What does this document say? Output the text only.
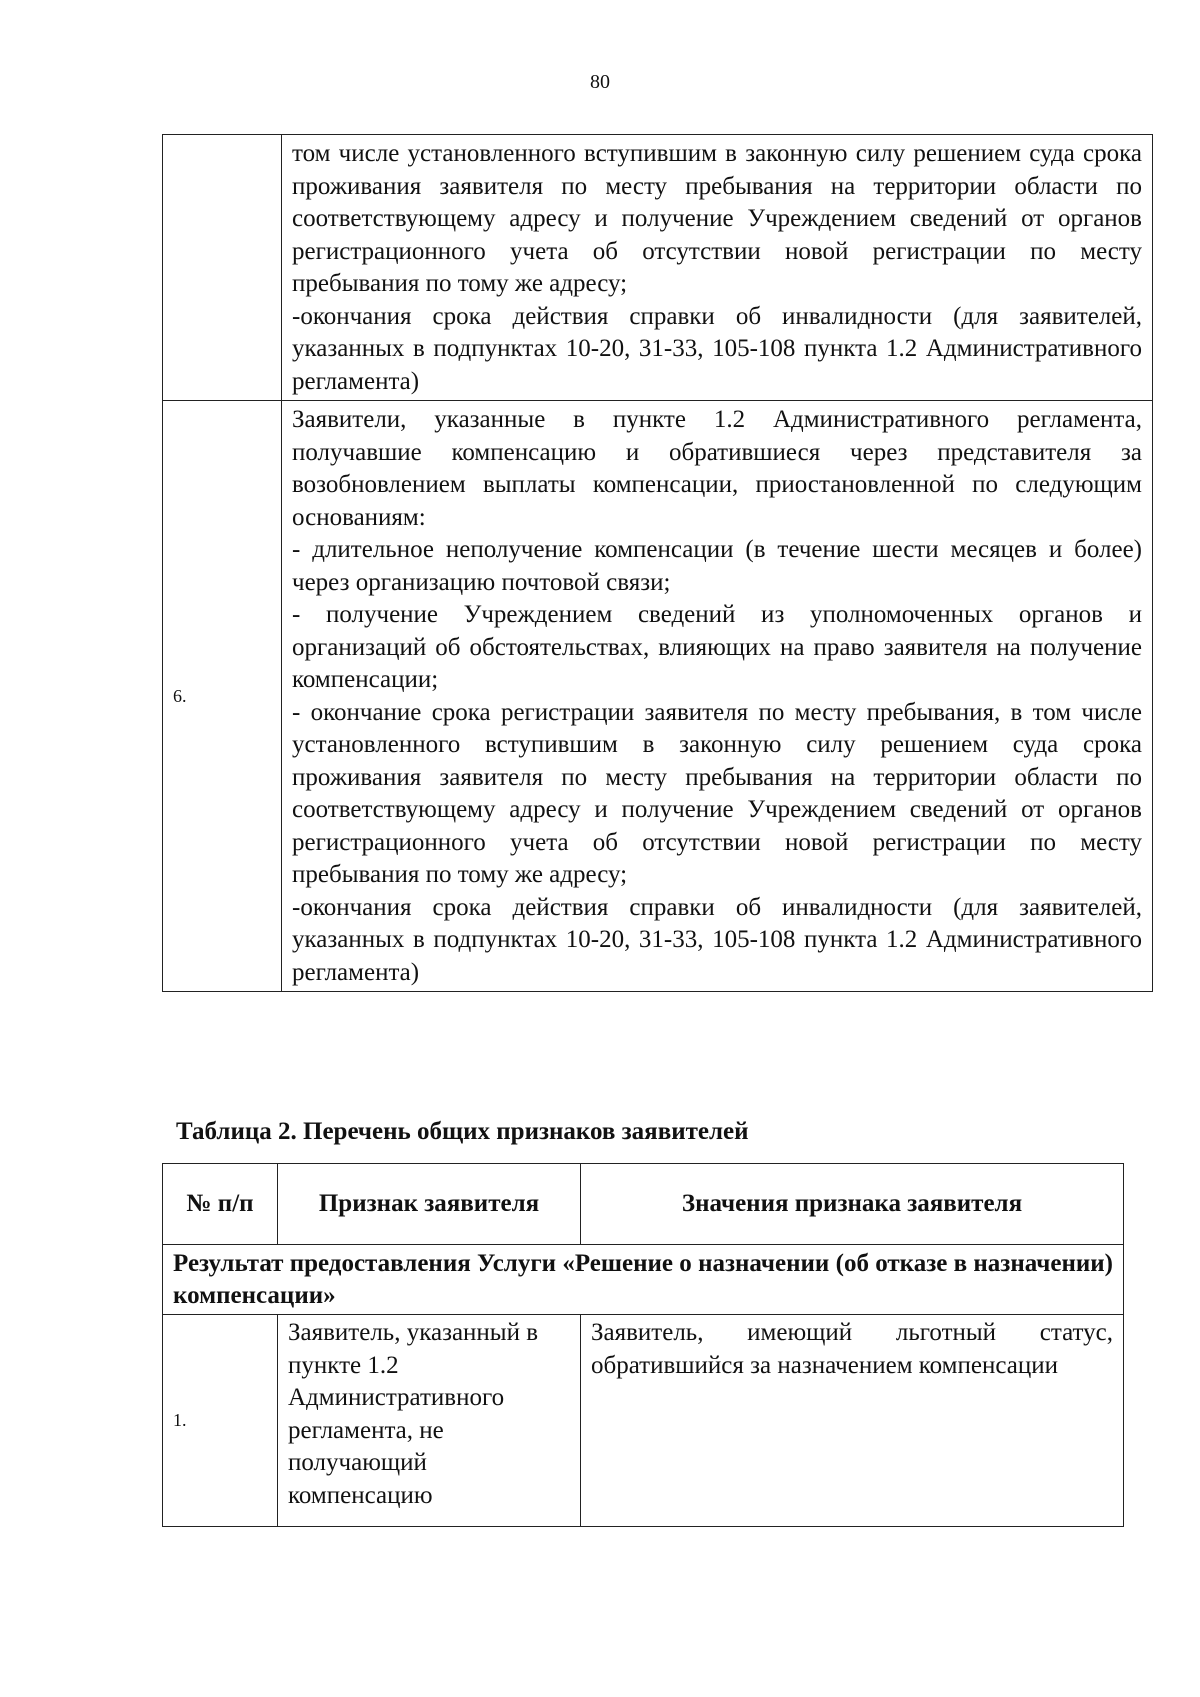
80

	том числе установленного вступившим в законную силу решением суда срока проживания заявителя по месту пребывания на территории области по соответствующему адресу и получение Учреждением сведений от органов регистрационного учета об отсутствии новой регистрации по месту пребывания по тому же адресу;
-окончания срока действия справки об инвалидности (для заявителей, указанных в подпунктах 10-20, 31-33, 105-108 пункта 1.2 Административного регламента)

6.	Заявители, указанные в пункте 1.2 Административного регламента, получавшие компенсацию и обратившиеся через представителя за возобновлением выплаты компенсации, приостановленной по следующим основаниям:
- длительное неполучение компенсации (в течение шести месяцев и более) через организацию почтовой связи;
- получение Учреждением сведений из уполномоченных органов и организаций об обстоятельствах, влияющих на право заявителя на получение компенсации;
- окончание срока регистрации заявителя по месту пребывания, в том числе установленного вступившим в законную силу решением суда срока проживания заявителя по месту пребывания на территории области по соответствующему адресу и получение Учреждением сведений от органов регистрационного учета об отсутствии новой регистрации по месту пребывания по тому же адресу;
-окончания срока действия справки об инвалидности (для заявителей, указанных в подпунктах 10-20, 31-33, 105-108 пункта 1.2 Административного регламента)
Таблица 2. Перечень общих признаков заявителей
№ п/п	Признак заявителя	Значения признака заявителя
Результат предоставления Услуги «Решение о назначении (об отказе в назначении) компенсации»		
1.	Заявитель, указанный в пункте 1.2 Административного регламента, не получающий компенсацию	Заявитель, имеющий льготный статус, обратившийся за назначением компенсации
